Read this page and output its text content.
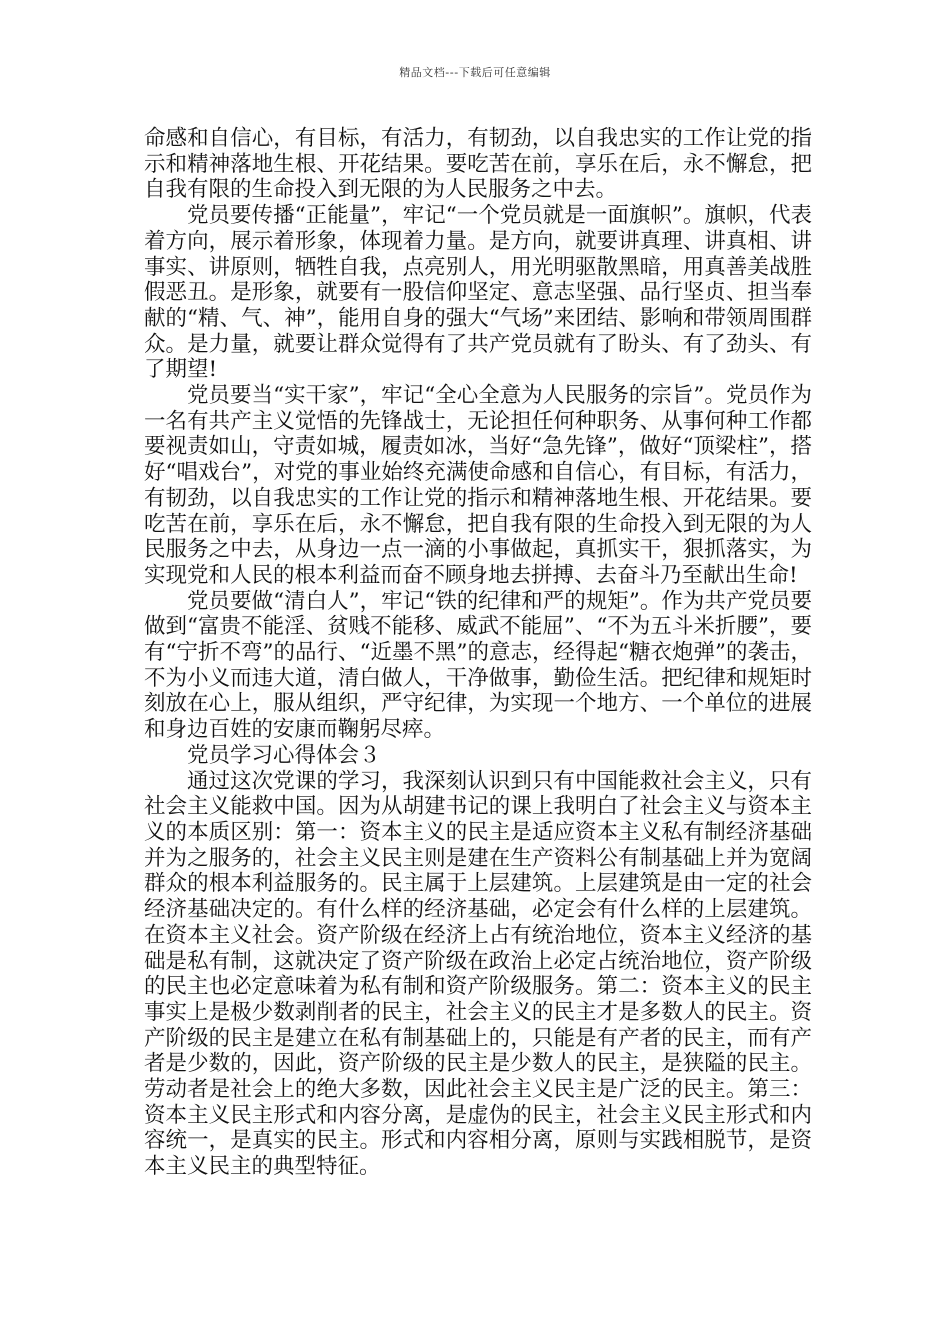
精品文档---下载后可任意编辑

命感和自信心，有目标，有活力，有韧劲，以自我忠实的工作让党的指示和精神落地生根、开花结果。要吃苦在前，享乐在后，永不懈怠，把自我有限的生命投入到无限的为人民服务之中去。

党员要传播“正能量”，牢记“一个党员就是一面旗帜”。旗帜，代表着方向，展示着形象，体现着力量。是方向，就要讲真理、讲真相、讲事实、讲原则，牺牲自我，点亮别人，用光明驱散黑暗，用真善美战胜假恶丑。是形象，就要有一股信仰坚定、意志坚强、品行坚贞、担当奉献的“精、气、神”，能用自身的强大“气场”来团结、影响和带领周围群众。是力量，就要让群众觉得有了共产党员就有了盼头、有了劲头、有了期望!

党员要当“实干家”，牢记“全心全意为人民服务的宗旨”。党员作为一名有共产主义觉悟的先锋战士，无论担任何种职务、从事何种工作都要视责如山，守责如城，履责如冰，当好“急先锋”，做好“顶梁柱”，搭好“唱戏台”，对党的事业始终充满使命感和自信心，有目标，有活力，有韧劲，以自我忠实的工作让党的指示和精神落地生根、开花结果。要吃苦在前，享乐在后，永不懈怠，把自我有限的生命投入到无限的为人民服务之中去，从身边一点一滴的小事做起，真抓实干，狠抓落实，为实现党和人民的根本利益而奋不顾身地去拼搏、去奋斗乃至献出生命!

党员要做“清白人”，牢记“铁的纪律和严的规矩”。作为共产党员要做到“富贵不能淫、贫贱不能移、威武不能屈”、“不为五斗米折腰”，要有“宁折不弯”的品行、“近墨不黑”的意志，经得起“糖衣炮弹”的袭击，不为小义而违大道，清白做人，干净做事，勤俭生活。把纪律和规矩时刻放在心上，服从组织，严守纪律，为实现一个地方、一个单位的进展和身边百姓的安康而鞠躬尽瘁。

党员学习心得体会３

通过这次党课的学习，我深刻认识到只有中国能救社会主义，只有社会主义能救中国。因为从胡建书记的课上我明白了社会主义与资本主义的本质区别：第一：资本主义的民主是适应资本主义私有制经济基础并为之服务的，社会主义民主则是建在生产资料公有制基础上并为宽阔群众的根本利益服务的。民主属于上层建筑。上层建筑是由一定的社会经济基础决定的。有什么样的经济基础，必定会有什么样的上层建筑。在资本主义社会。资产阶级在经济上占有统治地位，资本主义经济的基础是私有制，这就决定了资产阶级在政治上必定占统治地位，资产阶级的民主也必定意味着为私有制和资产阶级服务。第二：资本主义的民主事实上是极少数剥削者的民主，社会主义的民主才是多数人的民主。资产阶级的民主是建立在私有制基础上的，只能是有产者的民主，而有产者是少数的，因此，资产阶级的民主是少数人的民主，是狭隘的民主。劳动者是社会上的绝大多数，因此社会主义民主是广泛的民主。第三：资本主义民主形式和内容分离，是虚伪的民主，社会主义民主形式和内容统一，是真实的民主。形式和内容相分离，原则与实践相脱节，是资本主义民主的典型特征。
